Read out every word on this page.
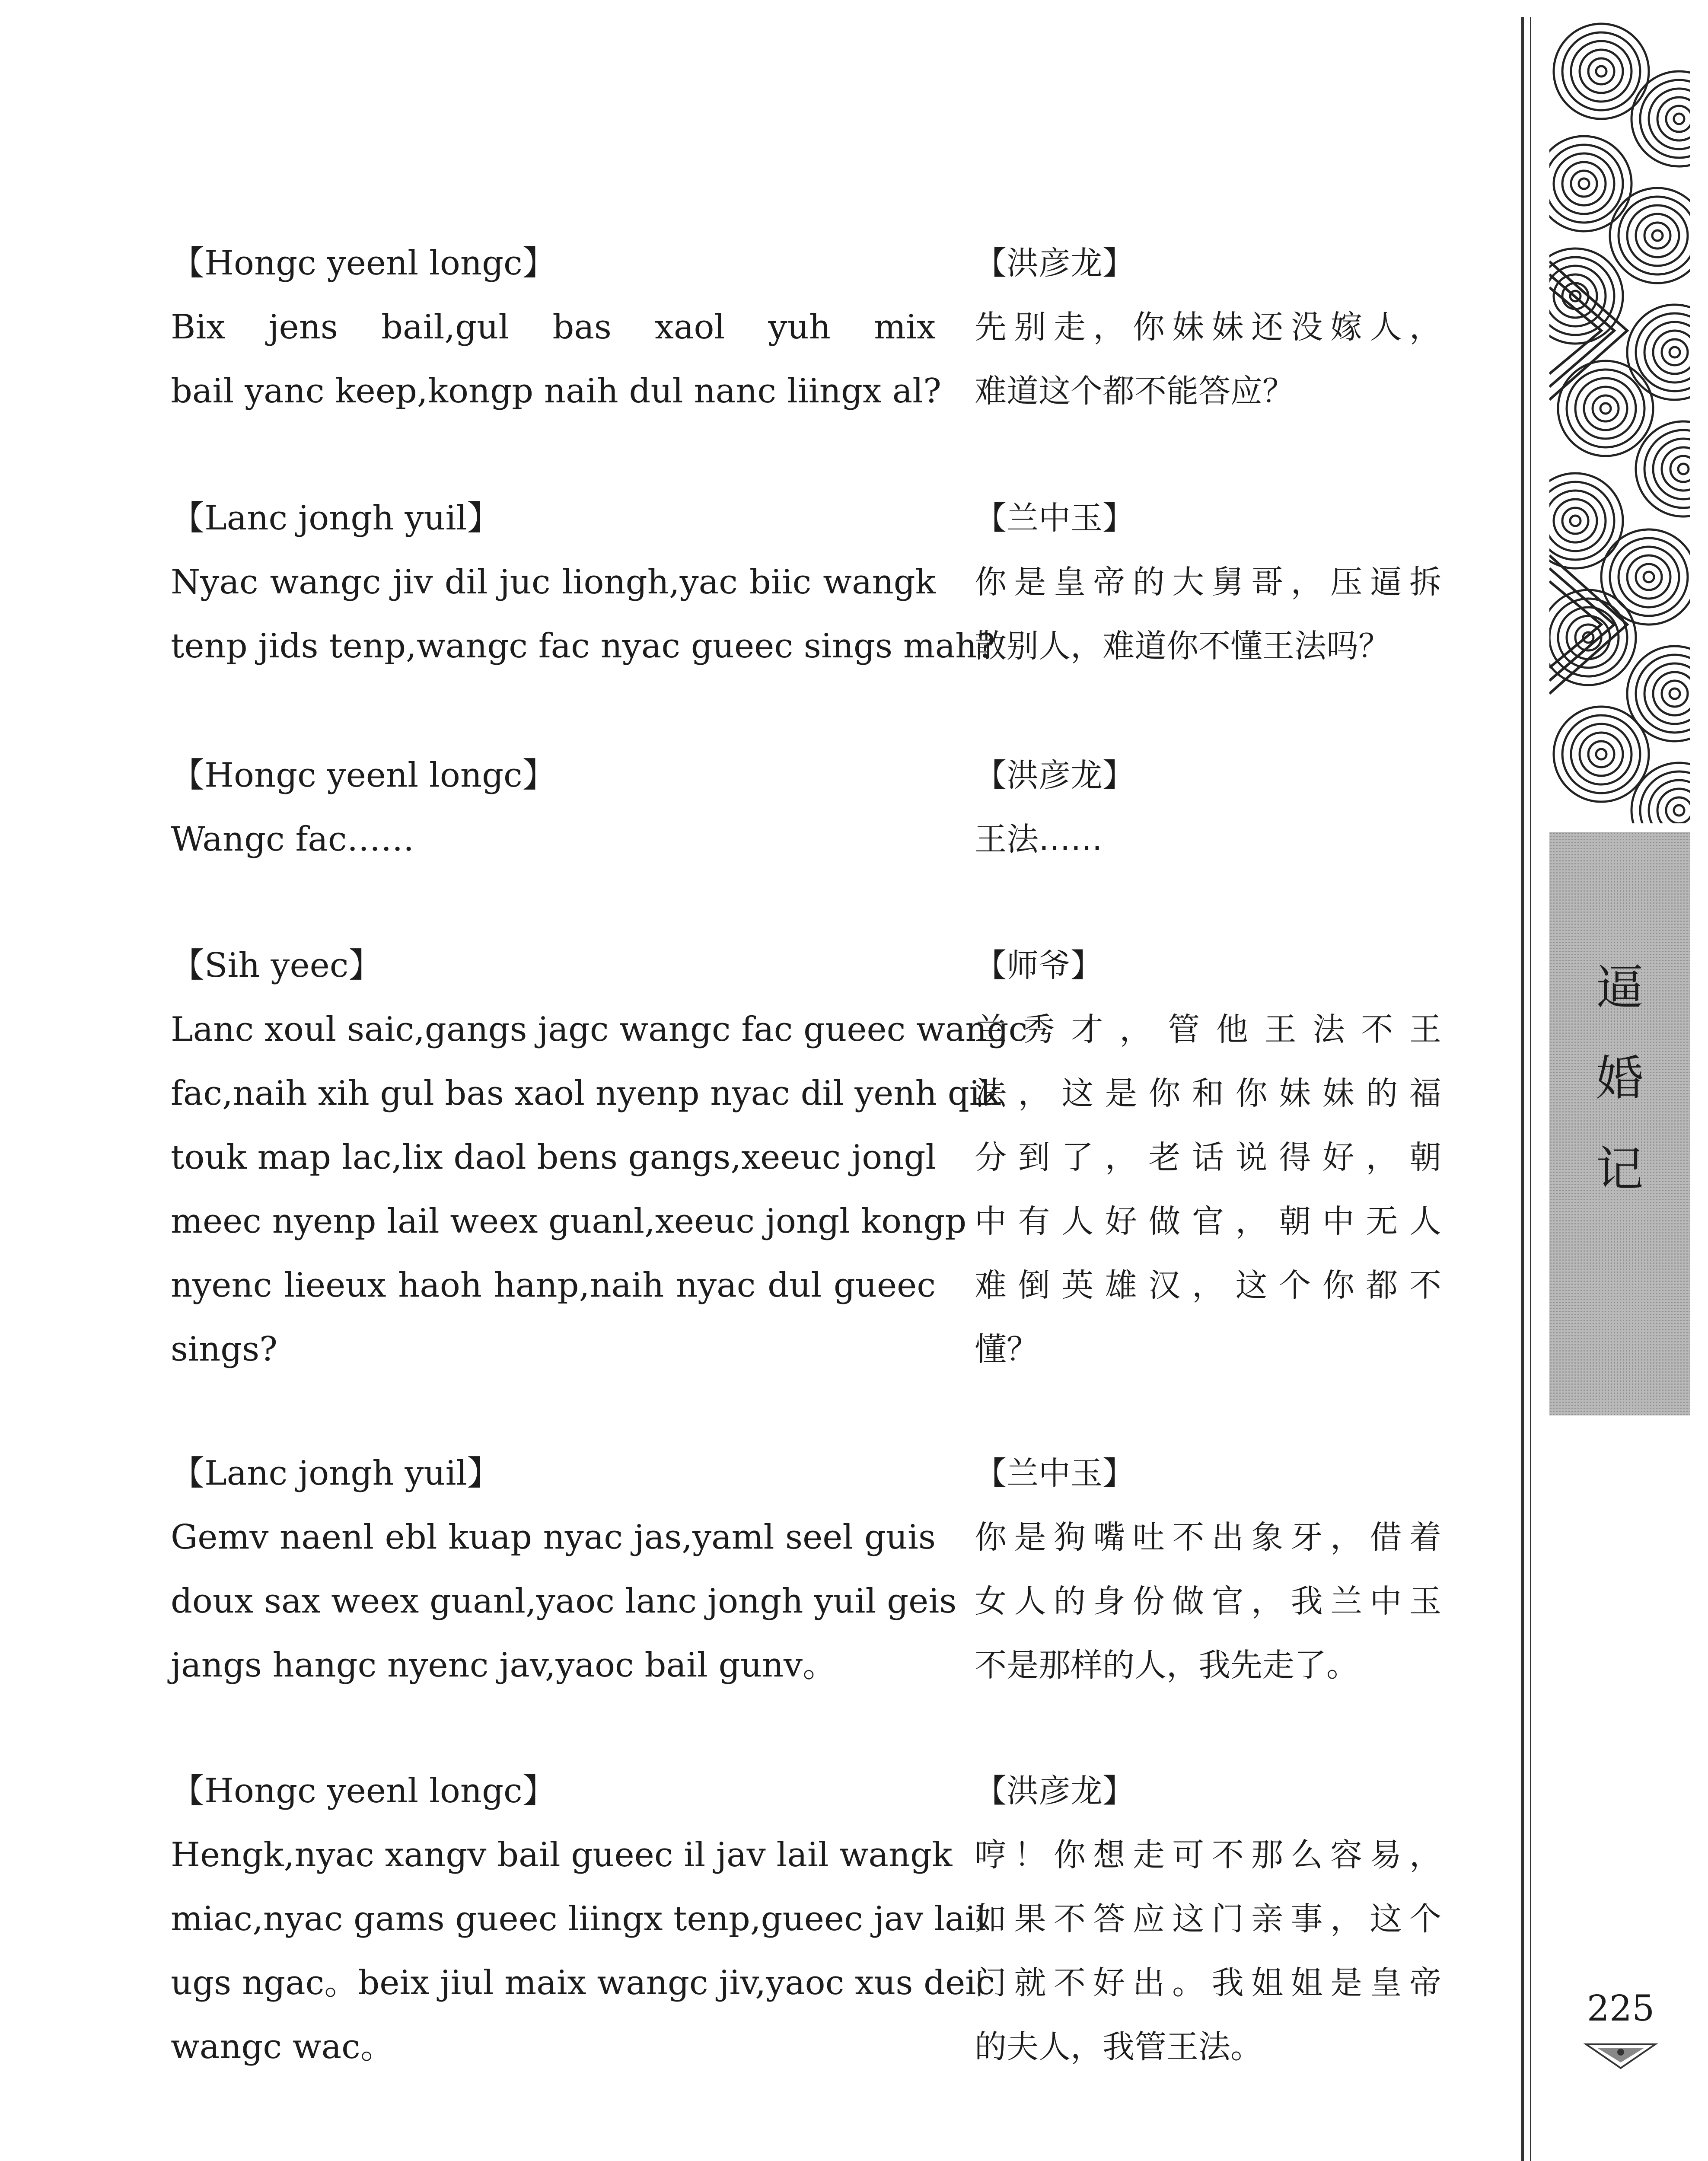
逼
婚
记
225
【Hongc yeenl longc】
Bix jens bail,gul bas xaol yuh mix
bail yanc keep,kongp naih dul nanc liingx al?
【洪彦龙】
先别走，你妹妹还没嫁人，
难道这个都不能答应？
【Lanc jongh yuil】
Nyac wangc jiv dil juc liongh,yac biic wangk
tenp jids tenp,wangc fac nyac gueec sings mah?
【兰中玉】
你是皇帝的大舅哥，压逼拆
散别人，难道你不懂王法吗？
【Hongc yeenl longc】
Wangc fac……
【洪彦龙】
王法……
【Sih yeec】
Lanc xoul saic,gangs jagc wangc fac gueec wangc
fac,naih xih gul bas xaol nyenp nyac dil yenh qik
touk map lac,lix daol bens gangs,xeeuc jongl
meec nyenp lail weex guanl,xeeuc jongl kongp
nyenc lieeux haoh hanp,naih nyac dul gueec
sings?
【师爷】
兰秀才，管他王法不王
法，这是你和你妹妹的福
分到了，老话说得好，朝
中有人好做官，朝中无人
难倒英雄汉，这个你都不
懂？
【Lanc jongh yuil】
Gemv naenl ebl kuap nyac jas,yaml seel guis
doux sax weex guanl,yaoc lanc jongh yuil geis
jangs hangc nyenc jav,yaoc bail gunv。
【兰中玉】
你是狗嘴吐不出象牙，借着
女人的身份做官，我兰中玉
不是那样的人，我先走了。
【Hongc yeenl longc】
Hengk,nyac xangv bail gueec il jav lail wangk
miac,nyac gams gueec liingx tenp,gueec jav lail
ugs ngac。beix jiul maix wangc jiv,yaoc xus deic
wangc wac。
【洪彦龙】
哼！你想走可不那么容易，
如果不答应这门亲事，这个
门就不好出。我姐姐是皇帝
的夫人，我管王法。
